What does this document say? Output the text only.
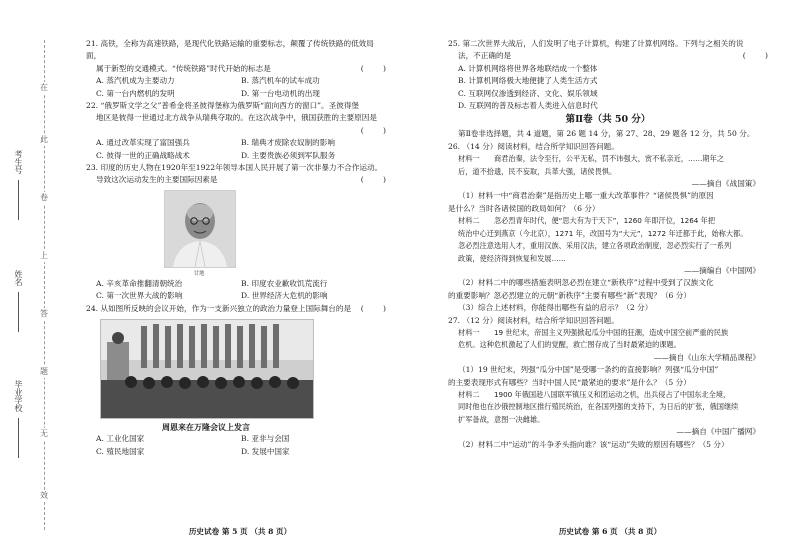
在
此
卷
上
答
题
无
效
考生号
姓名
毕业学校
21. 高铁，全称为高速铁路，是现代化铁路运输的重要标志，颠覆了传统铁路的低效局面，
属于新型的交通模式。“传统铁路”时代开始的标志是	(        )
A. 蒸汽机成为主要动力	B. 蒸汽机车的试车成功
C. 第一台内燃机的发明	D. 第一台电动机的出现
22. “俄罗斯文学之父”普希金将圣彼得堡称为俄罗斯“面向西方的窗口”。圣彼得堡
地区是彼得一世通过北方战争从瑞典夺取的。在这次战争中，俄国获胜的主要原因是
(        )
A. 通过改革实现了富国强兵	B. 瑞典才废除农奴制的影响
C. 彼得一世的正确战略战术	D. 主要贵族必须到军队服务
23. 印度的历史人物在1920年至1922年领导本国人民开展了第一次非暴力不合作运动。
导致这次运动发生的主要国际因素是	(        )
甘地
A. 辛亥革命推翻清朝统治	B. 印度农业歉收饥荒流行
C. 第一次世界大战的影响	D. 世界经济大危机的影响
24. 从如图所反映的会议开始，作为一支新兴独立的政治力量登上国际舞台的是 (        )
周恩来在万隆会议上发言
A. 工业化国家	B. 亚非与会国
C. 殖民地国家	D. 发展中国家
历史试卷 第 5 页 （共 8 页）
25. 第二次世界大战后，人们发明了电子计算机，构建了计算机网络。下列与之相关的说
法，不正确的是	(        )
A. 计算机网络将世界各地联结成一个整体
B. 计算机网络极大地便捷了人类生活方式
C. 互联网仅渗透到经济、文化、娱乐领域
D. 互联网的普及标志着人类进入信息时代
第Ⅱ卷（共 50 分）
第Ⅱ卷非选择题，共 4 道题，第 26 题 14 分，第 27、28、29 题各 12 分，共 50 分。
26. （14 分）阅读材料，结合所学知识回答问题。
材料一　　商君治秦，法令至行，公平无私，罚不讳强大，赏不私亲近，……期年之
后，道不拾遗，民不妄取，兵革大强，诸侯畏惧。
——摘自《战国策》
（1）材料一中“商君治秦”是指历史上哪一重大改革事件？“诸侯畏惧”的原因
是什么？当时各诸侯国的政局如何？（6 分）
材料二　　忽必烈青年时代，便“思大有为于天下”，1260 年即汗位，1264 年把
统治中心迁到燕京（今北京），1271 年，改国号为“大元”，1272 年迁都于此，始称大都。
忽必烈注意选用人才，重用汉族、采用汉法，建立各项政治制度，忽必烈实行了一系列
政策，使经济得到恢复和发展……
——摘编自《中国网》
（2）材料二中的哪些措施表明忽必烈在建立“新秩序”过程中受到了汉族文化
的重要影响？忽必烈建立的元朝“新秩序”主要有哪些“新”表现？（6 分）
（3）综合上述材料，你能得出哪些有益的启示？（2 分）
27. （12 分）阅读材料，结合所学知识回答问题。
材料一　　19 世纪末，帝国主义列强掀起瓜分中国的狂潮，造成中国空前严重的民族
危机。这种危机激起了人们的觉醒，救亡图存成了当时最紧迫的课题。
——摘自《山东大学精品课程》
（1）19 世纪末，列强“瓜分中国”是受哪一条约的直接影响？列强“瓜分中国”
的主要表现形式有哪些？当时中国人民“最紧迫的要求”是什么？（5 分）
材料二　　1900 年俄国趁八国联军镇压义和团运动之机，出兵侵占了中国东北全境，
同时他也在沙俄控制地区推行殖民统治，在各国列强的支持下，为日后的扩张，俄国继续
扩军备战，意图一决雌雄。
——摘自《中国广播网》
（2）材料二中“运动”的斗争矛头指向谁？该“运动”失败的原因有哪些？（5 分）
历史试卷 第 6 页 （共 8 页）
